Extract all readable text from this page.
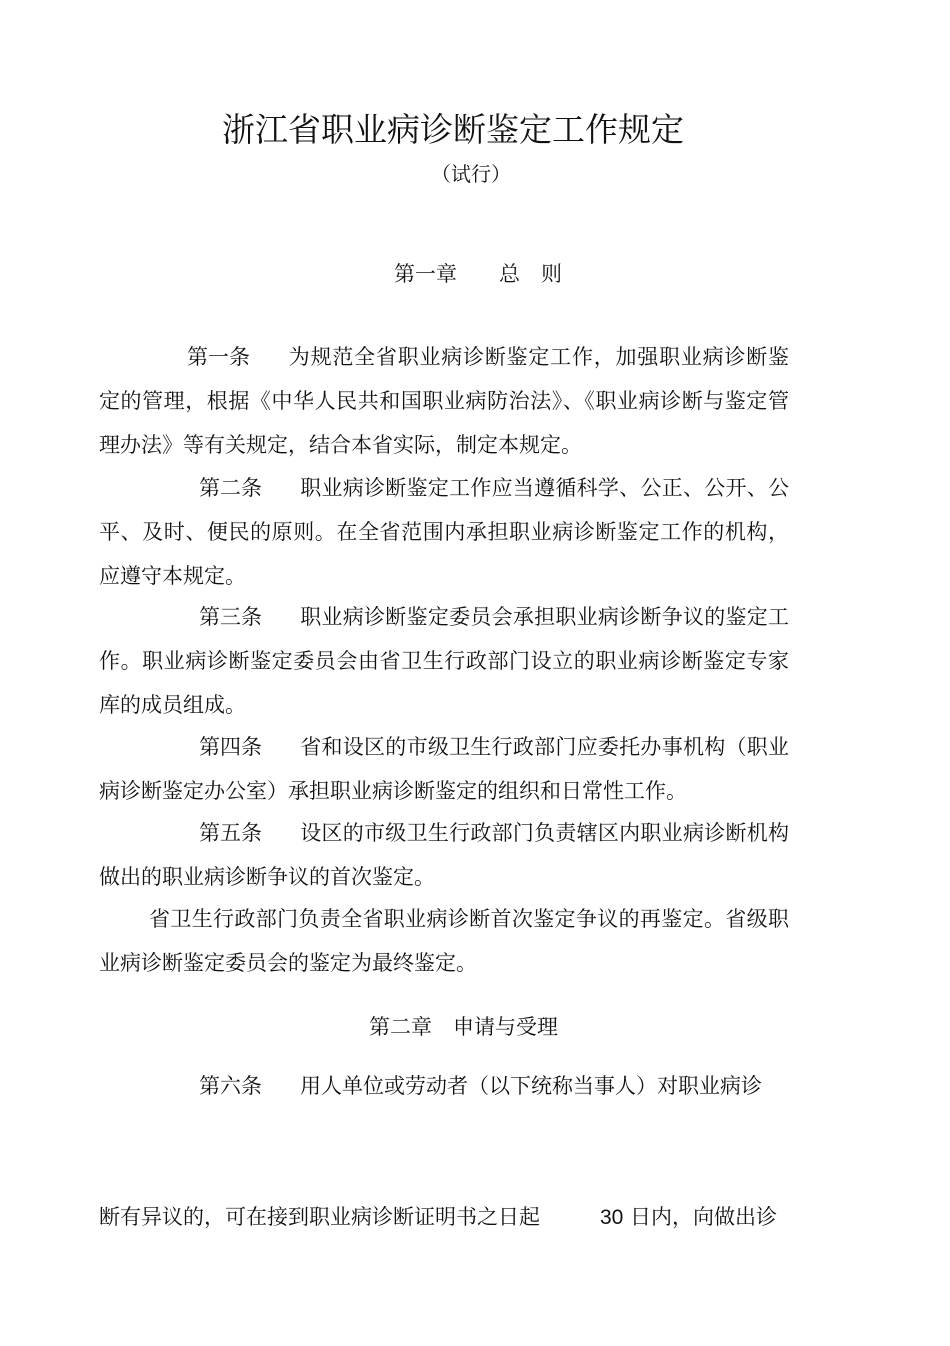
浙江省职业病诊断鉴定工作规定

（试行）

第一章　　总　则

第一条 为规范全省职业病诊断鉴定工作，加强职业病诊断鉴定的管理，根据《中华人民共和国职业病防治法》、《职业病诊断与鉴定管理办法》等有关规定，结合本省实际，制定本规定。

第二条 职业病诊断鉴定工作应当遵循科学、公正、公开、公平、及时、便民的原则。在全省范围内承担职业病诊断鉴定工作的机构，应遵守本规定。

第三条 职业病诊断鉴定委员会承担职业病诊断争议的鉴定工作。职业病诊断鉴定委员会由省卫生行政部门设立的职业病诊断鉴定专家库的成员组成。

第四条 省和设区的市级卫生行政部门应委托办事机构（职业病诊断鉴定办公室）承担职业病诊断鉴定的组织和日常性工作。

第五条 设区的市级卫生行政部门负责辖区内职业病诊断机构做出的职业病诊断争议的首次鉴定。

省卫生行政部门负责全省职业病诊断首次鉴定争议的再鉴定。省级职业病诊断鉴定委员会的鉴定为最终鉴定。

第二章　申请与受理

第六条 用人单位或劳动者（以下统称当事人）对职业病诊

断有异议的，可在接到职业病诊断证明书之日起	30 日内，向做出诊
